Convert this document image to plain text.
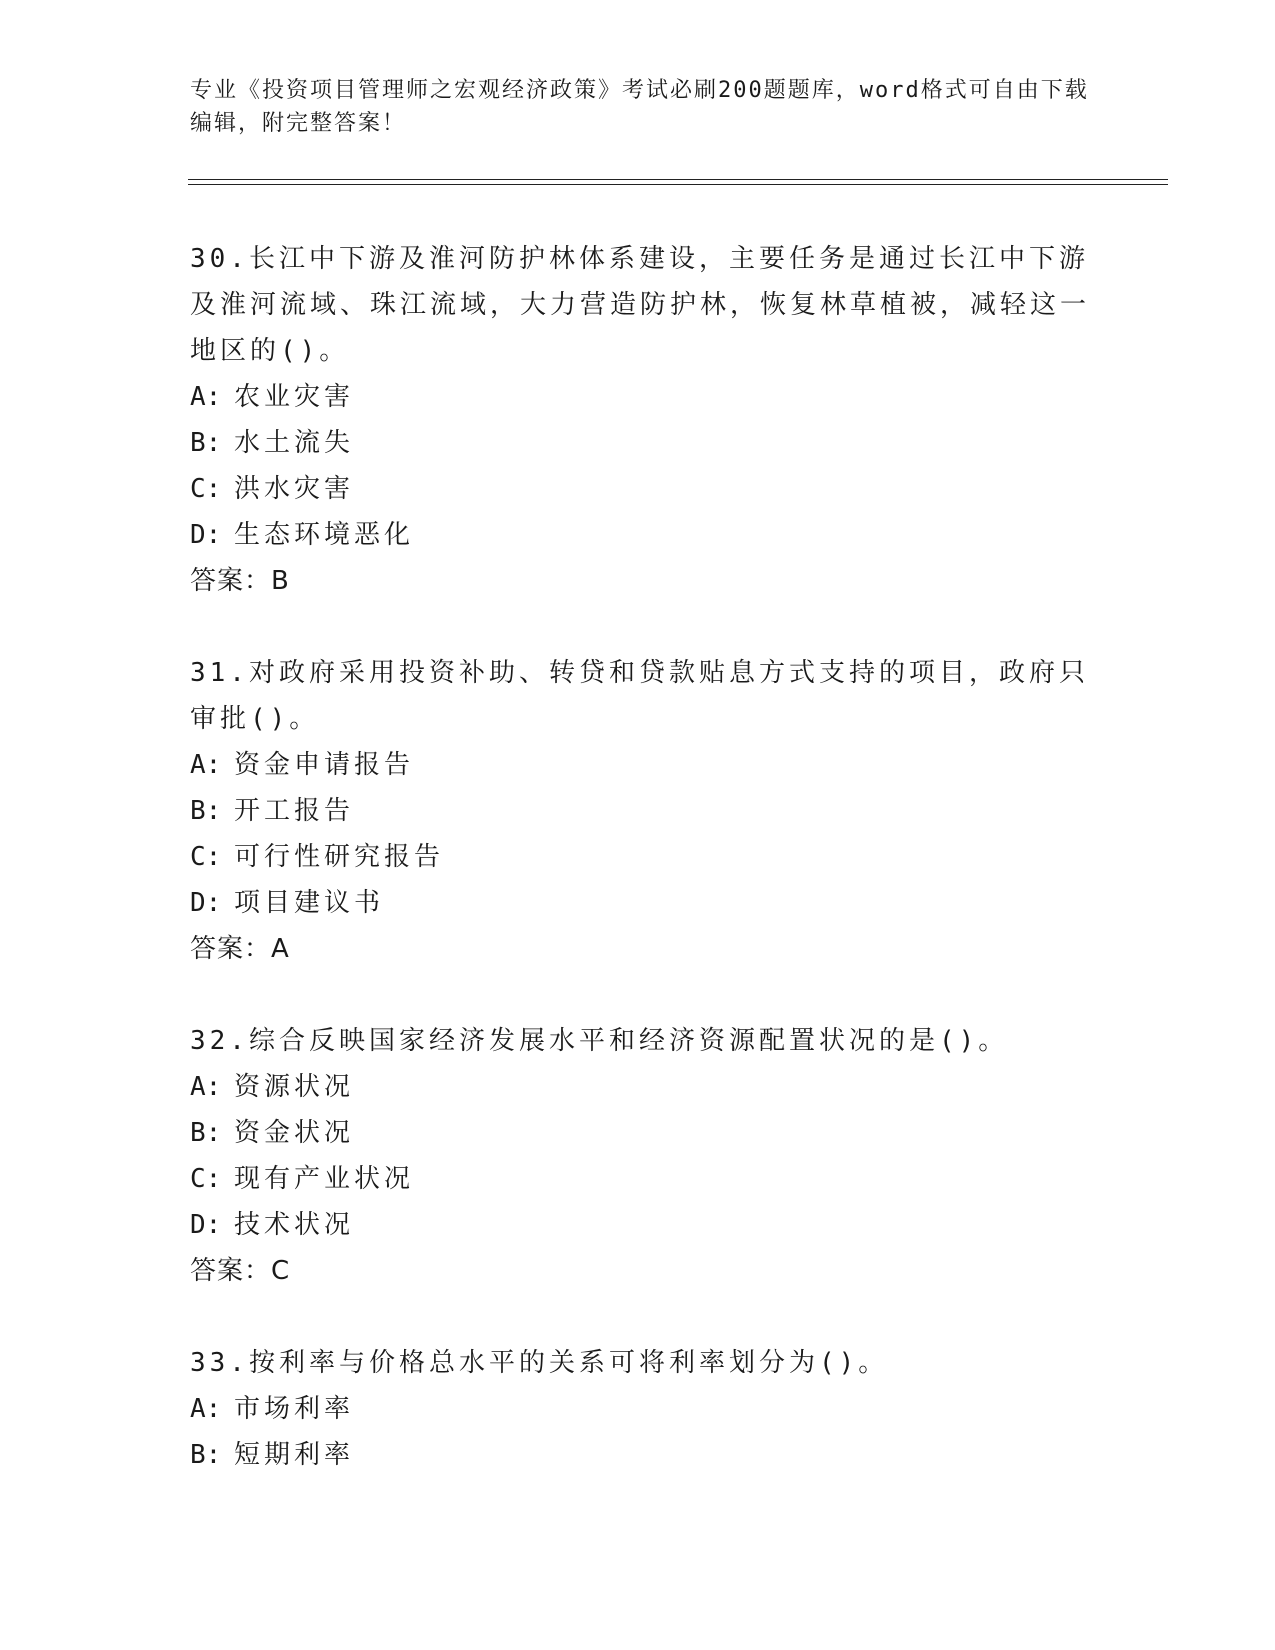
专业《投资项目管理师之宏观经济政策》考试必刷200题题库，word格式可自由下载编辑，附完整答案！

30.长江中下游及淮河防护林体系建设，主要任务是通过长江中下游及淮河流域、珠江流域，大力营造防护林，恢复林草植被，减轻这一地区的()。

A: 农业灾害

B: 水土流失

C: 洪水灾害

D: 生态环境恶化

答案：B

31.对政府采用投资补助、转贷和贷款贴息方式支持的项目，政府只审批()。

A: 资金申请报告

B: 开工报告

C: 可行性研究报告

D: 项目建议书

答案：A

32.综合反映国家经济发展水平和经济资源配置状况的是()。

A: 资源状况

B: 资金状况

C: 现有产业状况

D: 技术状况

答案：C

33.按利率与价格总水平的关系可将利率划分为()。

A: 市场利率

B: 短期利率
